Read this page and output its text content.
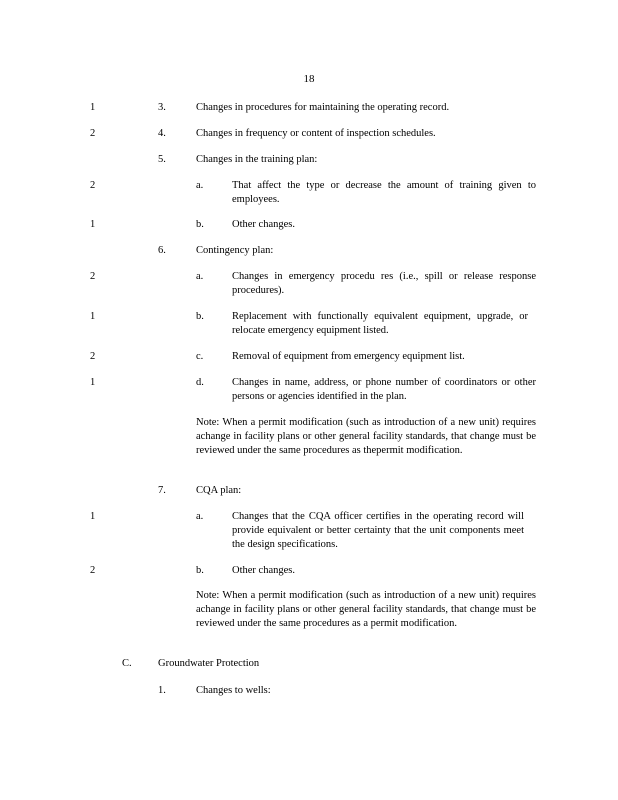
18
1	3.	Changes in procedures for maintaining the operating record.
2	4.	Changes in frequency or content of inspection schedules.
5.	Changes in the training plan:
2	a.	That affect the type or decrease the amount of training given to employees.
1	b.	Other changes.
6.	Contingency plan:
2	a.	Changes in emergency procedu res (i.e., spill or release response procedures).
1	b.	Replacement with functionally equivalent equipment, upgrade, or relocate emergency equipment listed.
2	c.	Removal of equipment from emergency equipment list.
1	d.	Changes in name, address, or phone number of coordinators or other persons or agencies identified in the plan.
Note: When a permit modification (such as introduction of a new unit) requires achange in facility plans or other general facility standards, that change must be reviewed under the same procedures as thepermit modification.
7.	CQA plan:
1	a.	Changes that the CQA officer certifies in the operating record will provide equivalent or better certainty that the unit components meet the design specifications.
2	b.	Other changes.
Note: When a permit modification (such as introduction of a new unit) requires achange in facility plans or other general facility standards, that change must be reviewed under the same procedures as a permit modification.
C.	Groundwater Protection
1.	Changes to wells:
